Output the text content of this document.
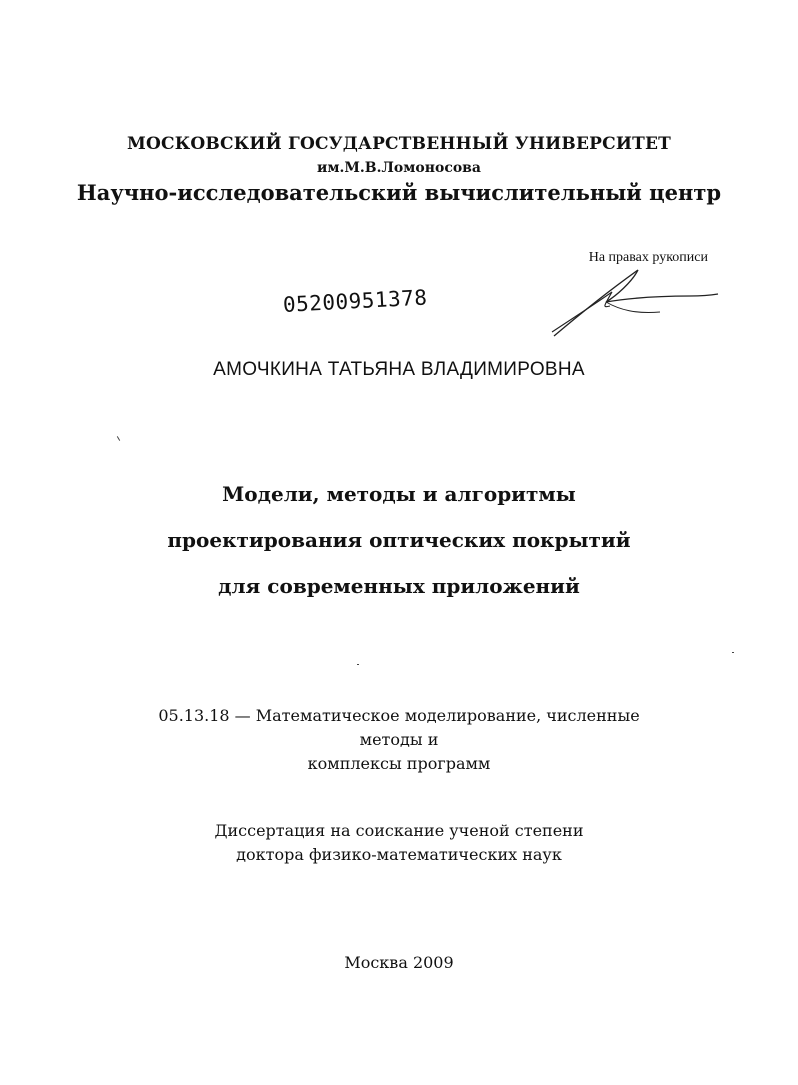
МОСКОВСКИЙ ГОСУДАРСТВЕННЫЙ УНИВЕРСИТЕТ
им.М.В.Ломоносова
Научно-исследовательский вычислительный центр
На правах рукописи
05200951378
АМОЧКИНА ТАТЬЯНА ВЛАДИМИРОВНА
Модели, методы и алгоритмы
проектирования оптических покрытий
для современных приложений
05.13.18 — Математическое моделирование, численные методы и
комплексы программ
Диссертация на соискание ученой степени
доктора физико-математических наук
Москва 2009
